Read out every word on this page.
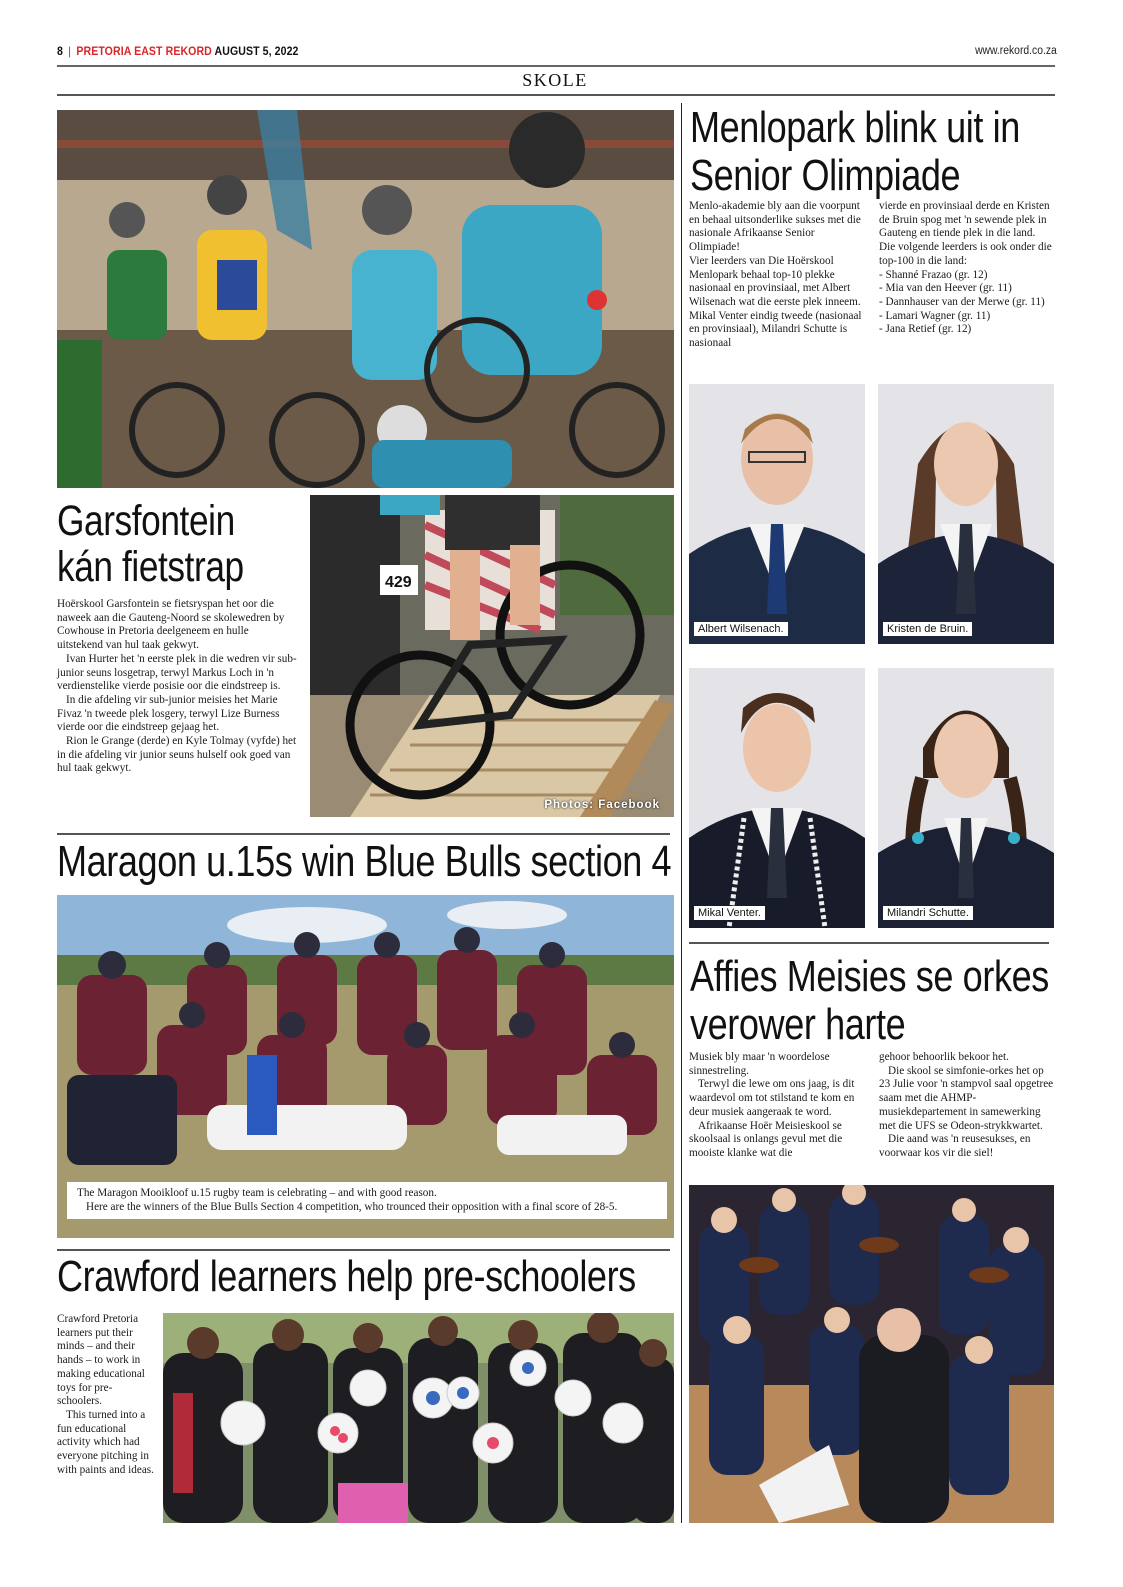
8 | PRETORIA EAST REKORD AUGUST 5, 2022	www.rekord.co.za
SKOLE
Garsfontein
kán fietstrap

Hoërskool Garsfontein se fietsryspan het oor die naweek aan die Gauteng-Noord se skolewedren by Cowhouse in Pretoria deelgeneem en hulle uitstekend van hul taak gekwyt.

Ivan Hurter het 'n eerste plek in die wedren vir sub-junior seuns losgetrap, terwyl Markus Loch in 'n verdienstelike vierde posisie oor die eindstreep is.

In die afdeling vir sub-junior meisies het Marie Fivaz 'n tweede plek losgery, terwyl Lize Burness vierde oor die eindstreep gejaag het.

Rion le Grange (derde) en Kyle Tolmay (vyfde) het in die afdeling vir junior seuns hulself ook goed van hul taak gekwyt.

429
Photos: Facebook
Maragon u.15s win Blue Bulls section 4

The Maragon Mooikloof u.15 rugby team is celebrating – and with good reason.

Here are the winners of the Blue Bulls Section 4 competition, who trounced their opposition with a final score of 28-5.

Crawford learners help pre-schoolers

Crawford Pretoria learners put their minds – and their hands – to work in making educational toys for pre-schoolers.

This turned into a fun educational activity which had everyone pitching in with paints and ideas.

Menlopark blink uit in
Senior Olimpiade

Menlo-akademie bly aan die voorpunt en behaal uitsonderlike sukses met die nasionale Afrikaanse Senior Olimpiade!

Vier leerders van Die Hoërskool Menlopark behaal top-10 plekke nasionaal en provinsiaal, met Albert Wilsenach wat die eerste plek inneem.

Mikal Venter eindig tweede (nasionaal en provinsiaal), Milandri Schutte is nasionaal

vierde en provinsiaal derde en Kristen de Bruin spog met 'n sewende plek in Gauteng en tiende plek in die land.

Die volgende leerders is ook onder die top-100 in die land:

- Shanné Frazao (gr. 12)

- Mia van den Heever (gr. 11)

- Dannhauser van der Merwe (gr. 11)

- Lamari Wagner (gr. 11)

- Jana Retief (gr. 12)

Albert Wilsenach.	Kristen de Bruin.
Mikal Venter.	Milandri Schutte.
Affies Meisies se orkes
verower harte

Musiek bly maar 'n woordelose sinnestreling.

Terwyl die lewe om ons jaag, is dit waardevol om tot stilstand te kom en deur musiek aangeraak te word.

Afrikaanse Hoër Meisieskool se skoolsaal is onlangs gevul met die mooiste klanke wat die

gehoor behoorlik bekoor het.

Die skool se simfonie-orkes het op 23 Julie voor 'n stampvol saal opgetree saam met die AHMP-musiekdepartement in samewerking met die UFS se Odeon-strykkwartet.

Die aand was 'n reusesukses, en voorwaar kos vir die siel!
